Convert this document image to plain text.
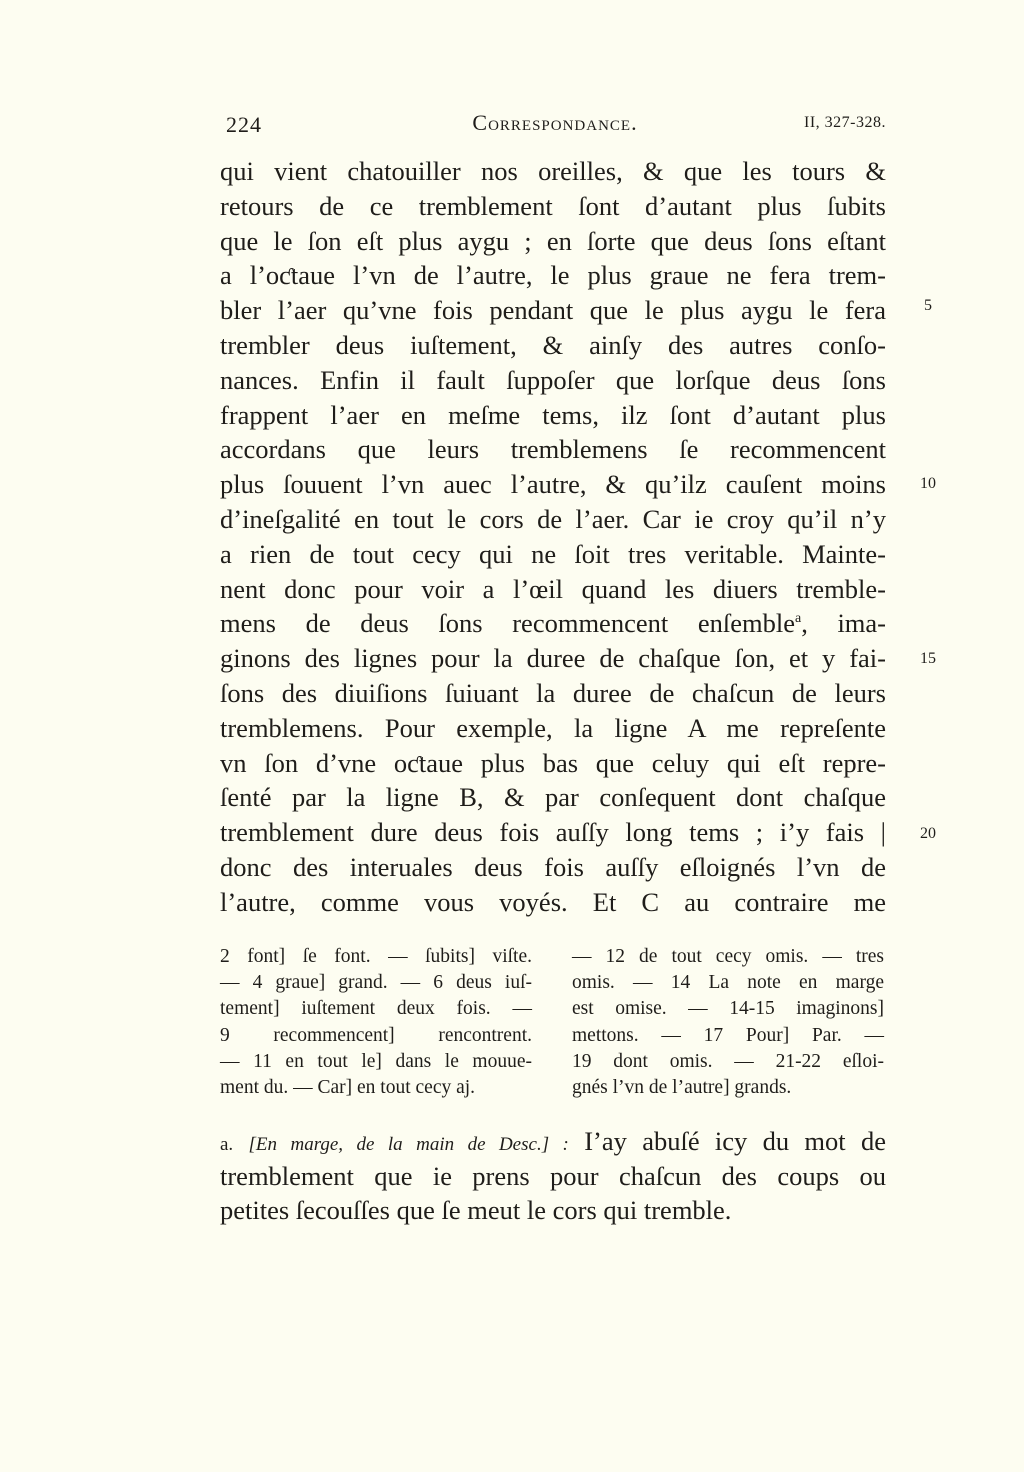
224	Correspondance.	II, 327-328.
qui vient chatouiller nos oreilles, & que les tours &
retours de ce tremblement ſont d’autant plus ſubits
que le ſon eſt plus aygu ; en ſorte que deus ſons eſtant
a l’oƈtaue l’vn de l’autre, le plus graue ne fera trem-
bler l’aer qu’vne fois pendant que le plus aygu le fera
trembler deus iuſtement, & ainſy des autres conſo-
nances. Enfin il fault ſuppoſer que lorſque deus ſons
frappent l’aer en meſme tems, ilz ſont d’autant plus
accordans que leurs tremblemens ſe recommencent
plus ſouuent l’vn auec l’autre, & qu’ilz cauſent moins
d’ineſgalité en tout le cors de l’aer. Car ie croy qu’il n’y
a rien de tout cecy qui ne ſoit tres veritable. Mainte-
nent donc pour voir a l’œil quand les diuers tremble-
mens de deus ſons recommencent enſemble$^a$, ima-
ginons des lignes pour la duree de chaſque ſon, et y fai-
ſons des diuiſions ſuiuant la duree de chaſcun de leurs
tremblemens. Pour exemple, la ligne A me repreſente
vn ſon d’vne oƈtaue plus bas que celuy qui eſt repre-
ſenté par la ligne B, & par conſequent dont chaſque
tremblement dure deus fois auſſy long tems ; i’y fais |
donc des interuales deus fois auſſy eſloignés l’vn de
l’autre, comme vous voyés. Et C au contraire me
5
10
15
20
2 font] ſe font. — ſubits] viſte.
— 4 graue] grand. — 6 deus iuſ-
tement] iuſtement deux fois. —
9 recommencent] rencontrent.
— 11 en tout le] dans le mouue-
ment du. — Car] en tout cecy aj.
— 12 de tout cecy omis. — tres
omis. — 14 La note en marge
est omise. — 14-15 imaginons]
mettons. — 17 Pour] Par. —
19 dont omis. — 21-22 eſloi-
gnés l’vn de l’autre] grands.
a. [En marge, de la main de Desc.] : I’ay abuſé icy du mot de
tremblement que ie prens pour chaſcun des coups ou
petites ſecouſſes que ſe meut le cors qui tremble.
